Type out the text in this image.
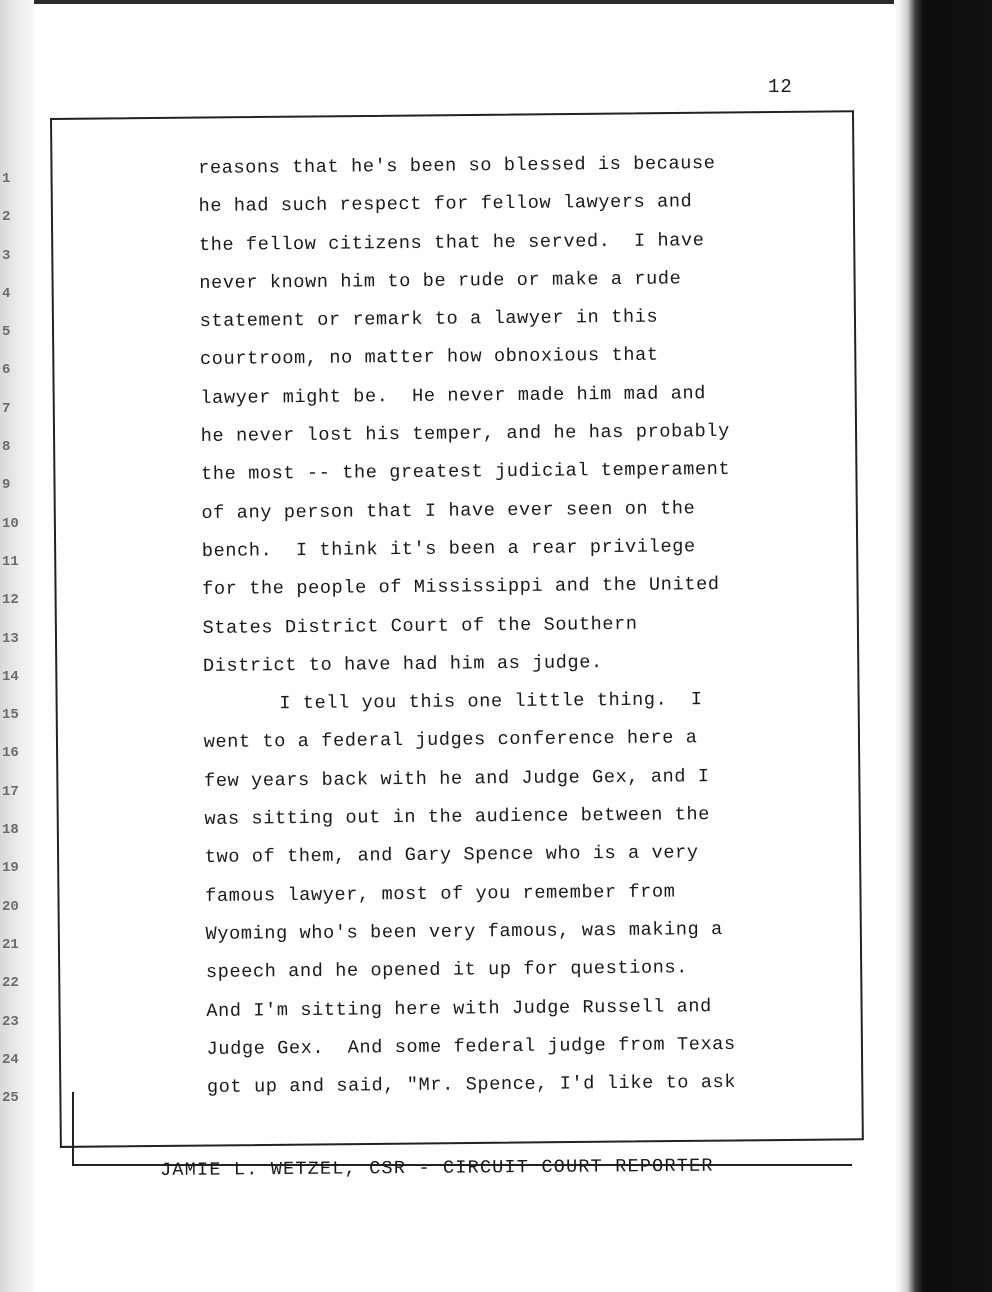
12
1
2
3
4
5
6
7
8
9
10
11
12
13
14
15
16
17
18
19
20
21
22
23
24
25
reasons that he's been so blessed is because
he had such respect for fellow lawyers and
the fellow citizens that he served.  I have
never known him to be rude or make a rude
statement or remark to a lawyer in this
courtroom, no matter how obnoxious that
lawyer might be.  He never made him mad and
he never lost his temper, and he has probably
the most -- the greatest judicial temperament
of any person that I have ever seen on the
bench.  I think it's been a rear privilege
for the people of Mississippi and the United
States District Court of the Southern
District to have had him as judge.
I tell you this one little thing.  I
went to a federal judges conference here a
few years back with he and Judge Gex, and I
was sitting out in the audience between the
two of them, and Gary Spence who is a very
famous lawyer, most of you remember from
Wyoming who's been very famous, was making a
speech and he opened it up for questions.
And I'm sitting here with Judge Russell and
Judge Gex.  And some federal judge from Texas
got up and said, "Mr. Spence, I'd like to ask
JAMIE L. WETZEL, CSR - CIRCUIT COURT REPORTER
